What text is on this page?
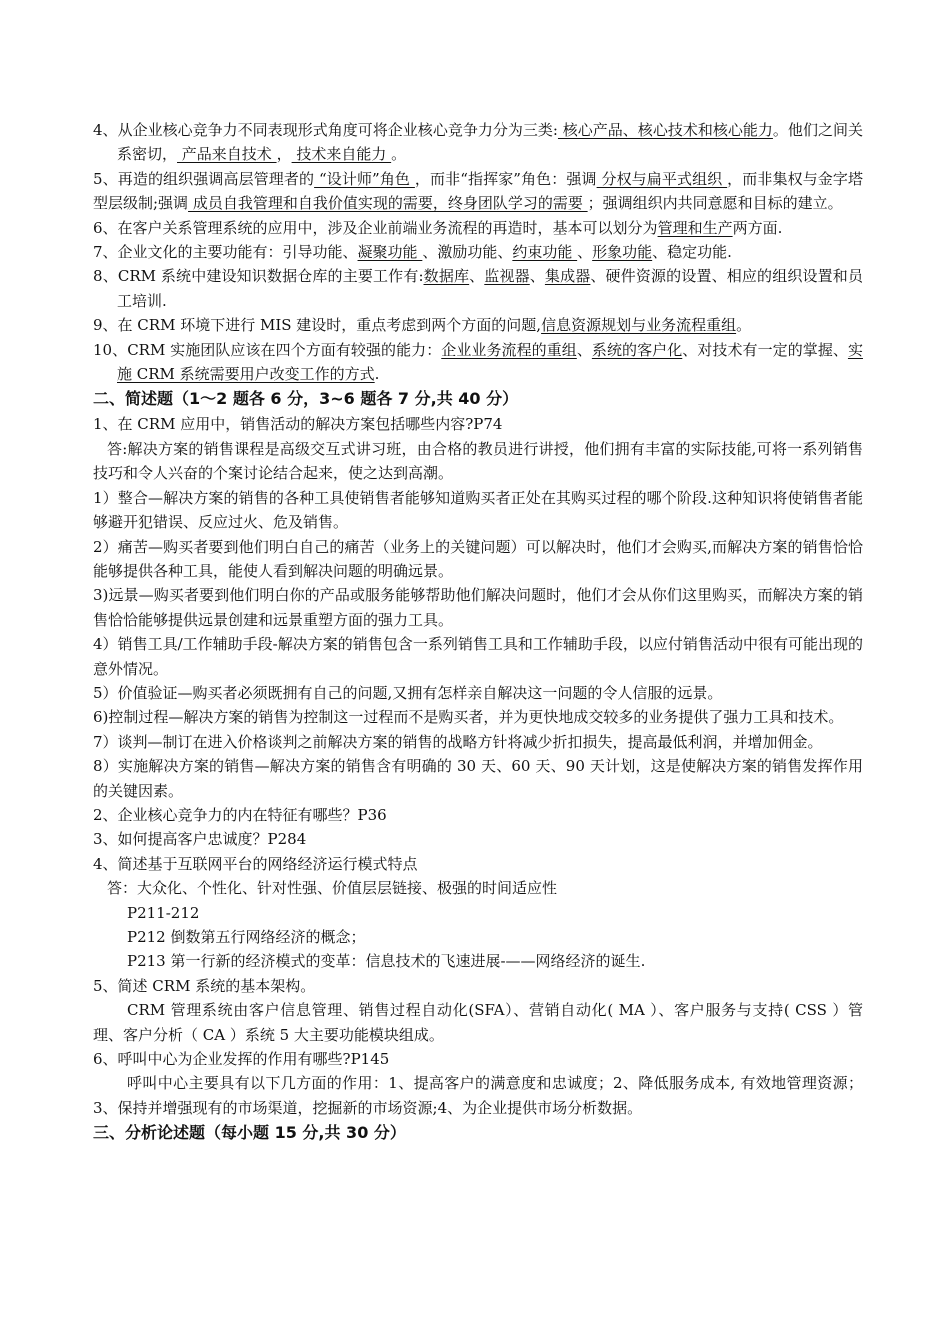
4、从企业核心竞争力不同表现形式角度可将企业核心竞争力分为三类: 核心产品、核心技术和核心能力。他们之间关系密切， 产品来自技术 ， 技术来自能力 。

5、再造的组织强调高层管理者的 “设计师”角色 ，而非“指挥家”角色：强调 分权与扁平式组织 ，而非集权与金字塔型层级制;强调 成员自我管理和自我价值实现的需要，终身团队学习的需要 ；强调组织内共同意愿和目标的建立。

6、在客户关系管理系统的应用中，涉及企业前端业务流程的再造时，基本可以划分为管理和生产两方面.

7、企业文化的主要功能有：引导功能、凝聚功能 、激励功能、约束功能 、形象功能、稳定功能.

8、CRM 系统中建设知识数据仓库的主要工作有:数据库、监视器、集成器、硬件资源的设置、相应的组织设置和员工培训.

9、在 CRM 环境下进行 MIS 建设时，重点考虑到两个方面的问题,信息资源规划与业务流程重组。

10、CRM 实施团队应该在四个方面有较强的能力：企业业务流程的重组、系统的客户化、对技术有一定的掌握、实施 CRM 系统需要用户改变工作的方式.

二、简述题（1～2 题各 6 分，3~6 题各 7 分,共 40 分）

1、在 CRM 应用中，销售活动的解决方案包括哪些内容?P74

答:解决方案的销售课程是高级交互式讲习班，由合格的教员进行讲授，他们拥有丰富的实际技能,可将一系列销售技巧和令人兴奋的个案讨论结合起来，使之达到高潮。

1）整合—解决方案的销售的各种工具使销售者能够知道购买者正处在其购买过程的哪个阶段.这种知识将使销售者能够避开犯错误、反应过火、危及销售。

2）痛苦—购买者要到他们明白自己的痛苦（业务上的关键问题）可以解决时，他们才会购买,而解决方案的销售恰恰能够提供各种工具，能使人看到解决问题的明确远景。

3)远景—购买者要到他们明白你的产品或服务能够帮助他们解决问题时，他们才会从你们这里购买，而解决方案的销售恰恰能够提供远景创建和远景重塑方面的强力工具。

4）销售工具/工作辅助手段-解决方案的销售包含一系列销售工具和工作辅助手段，以应付销售活动中很有可能出现的意外情况。

5）价值验证—购买者必须既拥有自己的问题,又拥有怎样亲自解决这一问题的令人信服的远景。

6)控制过程—解决方案的销售为控制这一过程而不是购买者，并为更快地成交较多的业务提供了强力工具和技术。

7）谈判—制订在进入价格谈判之前解决方案的销售的战略方针将减少折扣损失，提高最低利润，并增加佣金。

8）实施解决方案的销售—解决方案的销售含有明确的 30 天、60 天、90 天计划，这是使解决方案的销售发挥作用的关键因素。

2、企业核心竞争力的内在特征有哪些？P36

3、如何提高客户忠诚度？P284

4、简述基于互联网平台的网络经济运行模式特点

答：大众化、个性化、针对性强、价值层层链接、极强的时间适应性

P211-212

P212 倒数第五行网络经济的概念；

P213 第一行新的经济模式的变革：信息技术的飞速进展-——网络经济的诞生.

5、简述 CRM 系统的基本架构。

CRM 管理系统由客户信息管理、销售过程自动化(SFA）、营销自动化( MA ）、客户服务与支持( CSS ）管理、客户分析（ CA ）系统 5 大主要功能模块组成。

6、呼叫中心为企业发挥的作用有哪些?P145

呼叫中心主要具有以下几方面的作用：1、提高客户的满意度和忠诚度；2、降低服务成本, 有效地管理资源；3、保持并增强现有的市场渠道，挖掘新的市场资源;4、为企业提供市场分析数据。

三、分析论述题（每小题 15 分,共 30 分）
